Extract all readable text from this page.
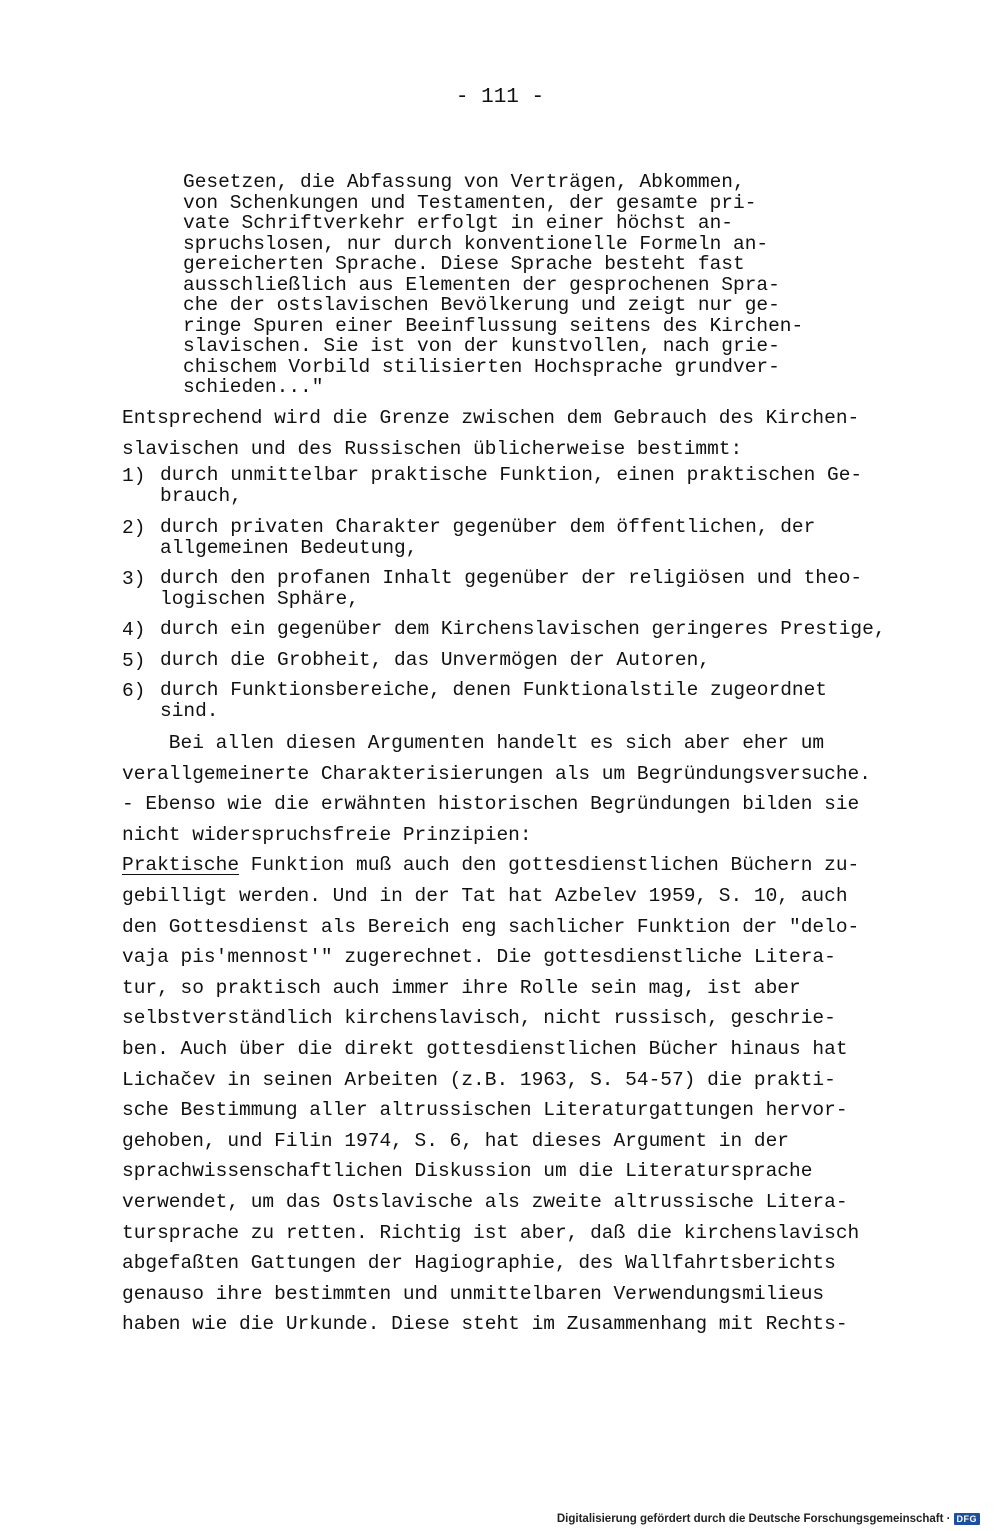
- 111 -
Gesetzen, die Abfassung von Verträgen, Abkommen,
von Schenkungen und Testamenten, der gesamte pri-
vate Schriftverkehr erfolgt in einer höchst an-
spruchslosen, nur durch konventionelle Formeln an-
gereicherten Sprache. Diese Sprache besteht fast
ausschließlich aus Elementen der gesprochenen Spra-
che der ostslavischen Bevölkerung und zeigt nur ge-
ringe Spuren einer Beeinflussung seitens des Kirchen-
slavischen. Sie ist von der kunstvollen, nach grie-
chischem Vorbild stilisierten Hochsprache grundver-
schieden..."
Entsprechend wird die Grenze zwischen dem Gebrauch des Kirchen-
slavischen und des Russischen üblicherweise bestimmt:
1) durch unmittelbar praktische Funktion, einen praktischen Ge-
brauch,
2) durch privaten Charakter gegenüber dem öffentlichen, der
allgemeinen Bedeutung,
3) durch den profanen Inhalt gegenüber der religiösen und theo-
logischen Sphäre,
4) durch ein gegenüber dem Kirchenslavischen geringeres Prestige,
5) durch die Grobheit, das Unvermögen der Autoren,
6) durch Funktionsbereiche, denen Funktionalstile zugeordnet
sind.
Bei allen diesen Argumenten handelt es sich aber eher um
verallgemeinerte Charakterisierungen als um Begründungsversuche.
- Ebenso wie die erwähnten historischen Begründungen bilden sie
nicht widerspruchsfreie Prinzipien:
Praktische Funktion muß auch den gottesdienstlichen Büchern zu-
gebilligt werden. Und in der Tat hat Azbelev 1959, S. 10, auch
den Gottesdienst als Bereich eng sachlicher Funktion der "delo-
vaja pis'mennost'" zugerechnet. Die gottesdienstliche Litera-
tur, so praktisch auch immer ihre Rolle sein mag, ist aber
selbstverständlich kirchenslavisch, nicht russisch, geschrie-
ben. Auch über die direkt gottesdienstlichen Bücher hinaus hat
Lichačev in seinen Arbeiten (z.B. 1963, S. 54-57) die prakti-
sche Bestimmung aller altrussischen Literaturgattungen hervor-
gehoben, und Filin 1974, S. 6, hat dieses Argument in der
sprachwissenschaftlichen Diskussion um die Literatursprache
verwendet, um das Ostslavische als zweite altrussische Litera-
tursprache zu retten. Richtig ist aber, daß die kirchenslavisch
abgefaßten Gattungen der Hagiographie, des Wallfahrtsberichts
genauso ihre bestimmten und unmittelbaren Verwendungsmilieus
haben wie die Urkunde. Diese steht im Zusammenhang mit Rechts-
Digitalisierung gefördert durch die Deutsche Forschungsgemeinschaft · DFG
